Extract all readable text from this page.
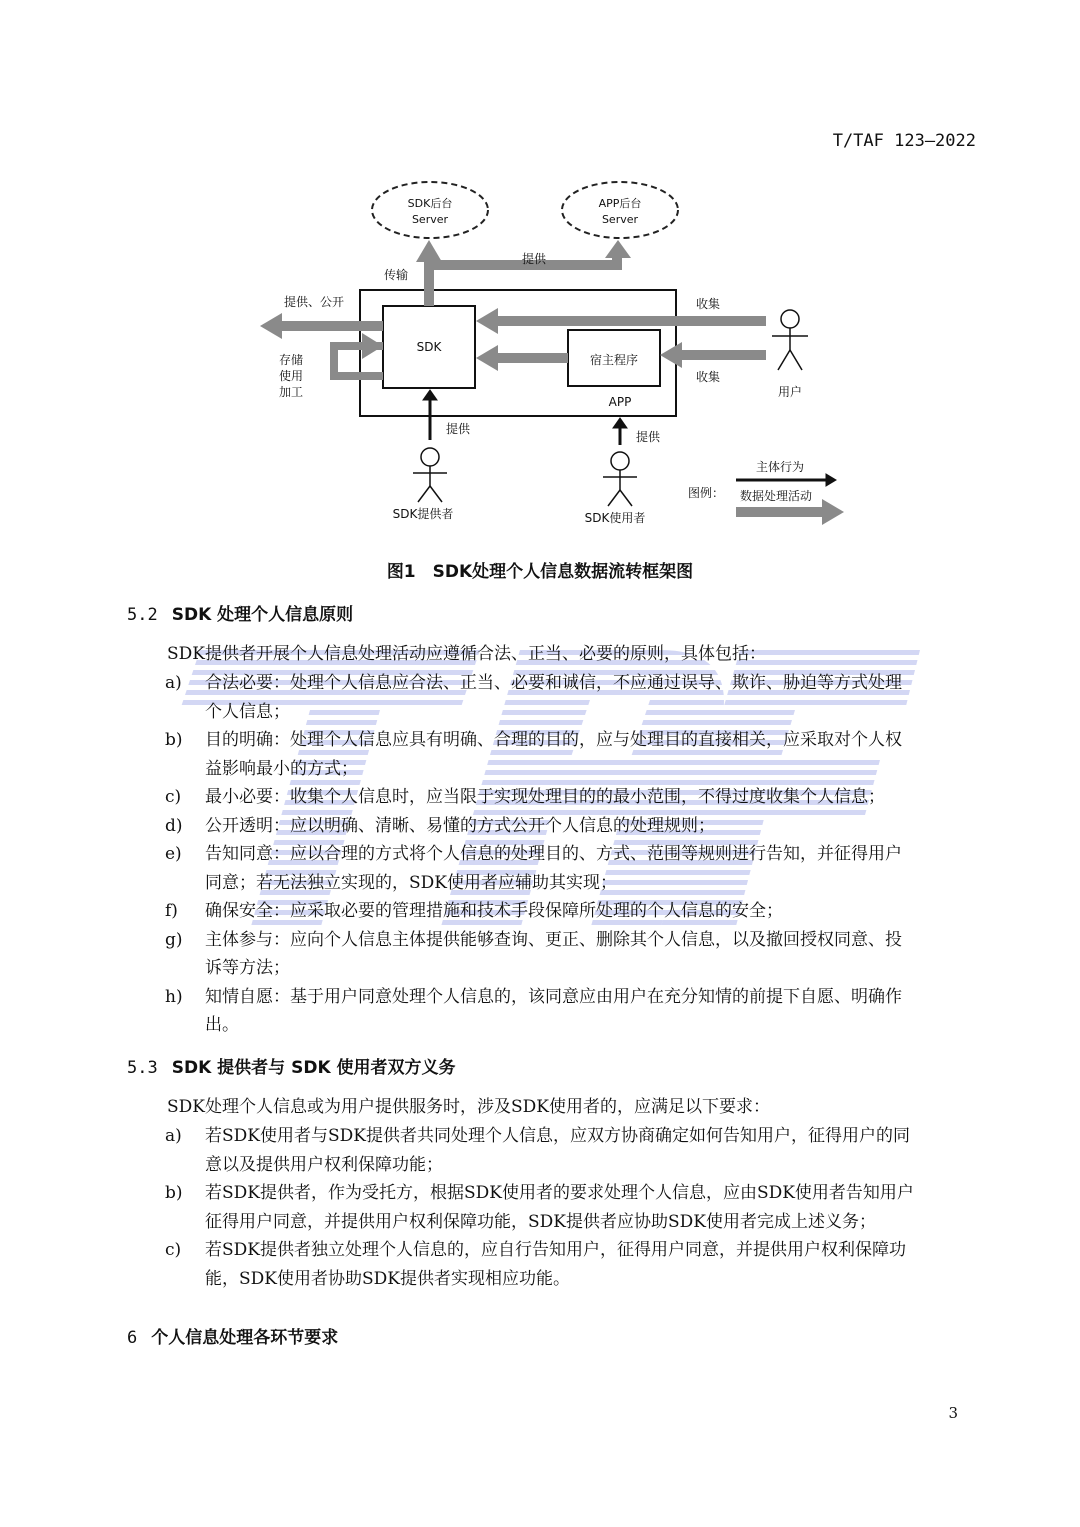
T/TAF 123—2022
SDK后台
Server
APP后台
Server
SDK
宿主程序
APP
传输
提供
提供、公开	收集
收集
存储
使用
加工	用户
提供
提供
SDK提供者	SDK使用者
图例：
主体行为
数据处理活动
图1　SDK处理个人信息数据流转框架图
5.2 SDK 处理个人信息原则
SDK提供者开展个人信息处理活动应遵循合法、正当、必要的原则，具体包括：
a) 合法必要：处理个人信息应合法、正当、必要和诚信，不应通过误导、欺诈、胁迫等方式处理
个人信息；
b) 目的明确：处理个人信息应具有明确、合理的目的，应与处理目的直接相关，应采取对个人权
益影响最小的方式；
c) 最小必要：收集个人信息时，应当限于实现处理目的的最小范围，不得过度收集个人信息；
d) 公开透明：应以明确、清晰、易懂的方式公开个人信息的处理规则；
e) 告知同意：应以合理的方式将个人信息的处理目的、方式、范围等规则进行告知，并征得用户
同意；若无法独立实现的，SDK使用者应辅助其实现；
f) 确保安全：应采取必要的管理措施和技术手段保障所处理的个人信息的安全；
g) 主体参与：应向个人信息主体提供能够查询、更正、删除其个人信息，以及撤回授权同意、投
诉等方法；
h) 知情自愿：基于用户同意处理个人信息的，该同意应由用户在充分知情的前提下自愿、明确作
出。
5.3 SDK 提供者与 SDK 使用者双方义务
SDK处理个人信息或为用户提供服务时，涉及SDK使用者的，应满足以下要求：
a) 若SDK使用者与SDK提供者共同处理个人信息，应双方协商确定如何告知用户，征得用户的同
意以及提供用户权利保障功能；
b) 若SDK提供者，作为受托方，根据SDK使用者的要求处理个人信息，应由SDK使用者告知用户
征得用户同意，并提供用户权利保障功能，SDK提供者应协助SDK使用者完成上述义务；
c) 若SDK提供者独立处理个人信息的，应自行告知用户，征得用户同意，并提供用户权利保障功
能，SDK使用者协助SDK提供者实现相应功能。
6 个人信息处理各环节要求
3
